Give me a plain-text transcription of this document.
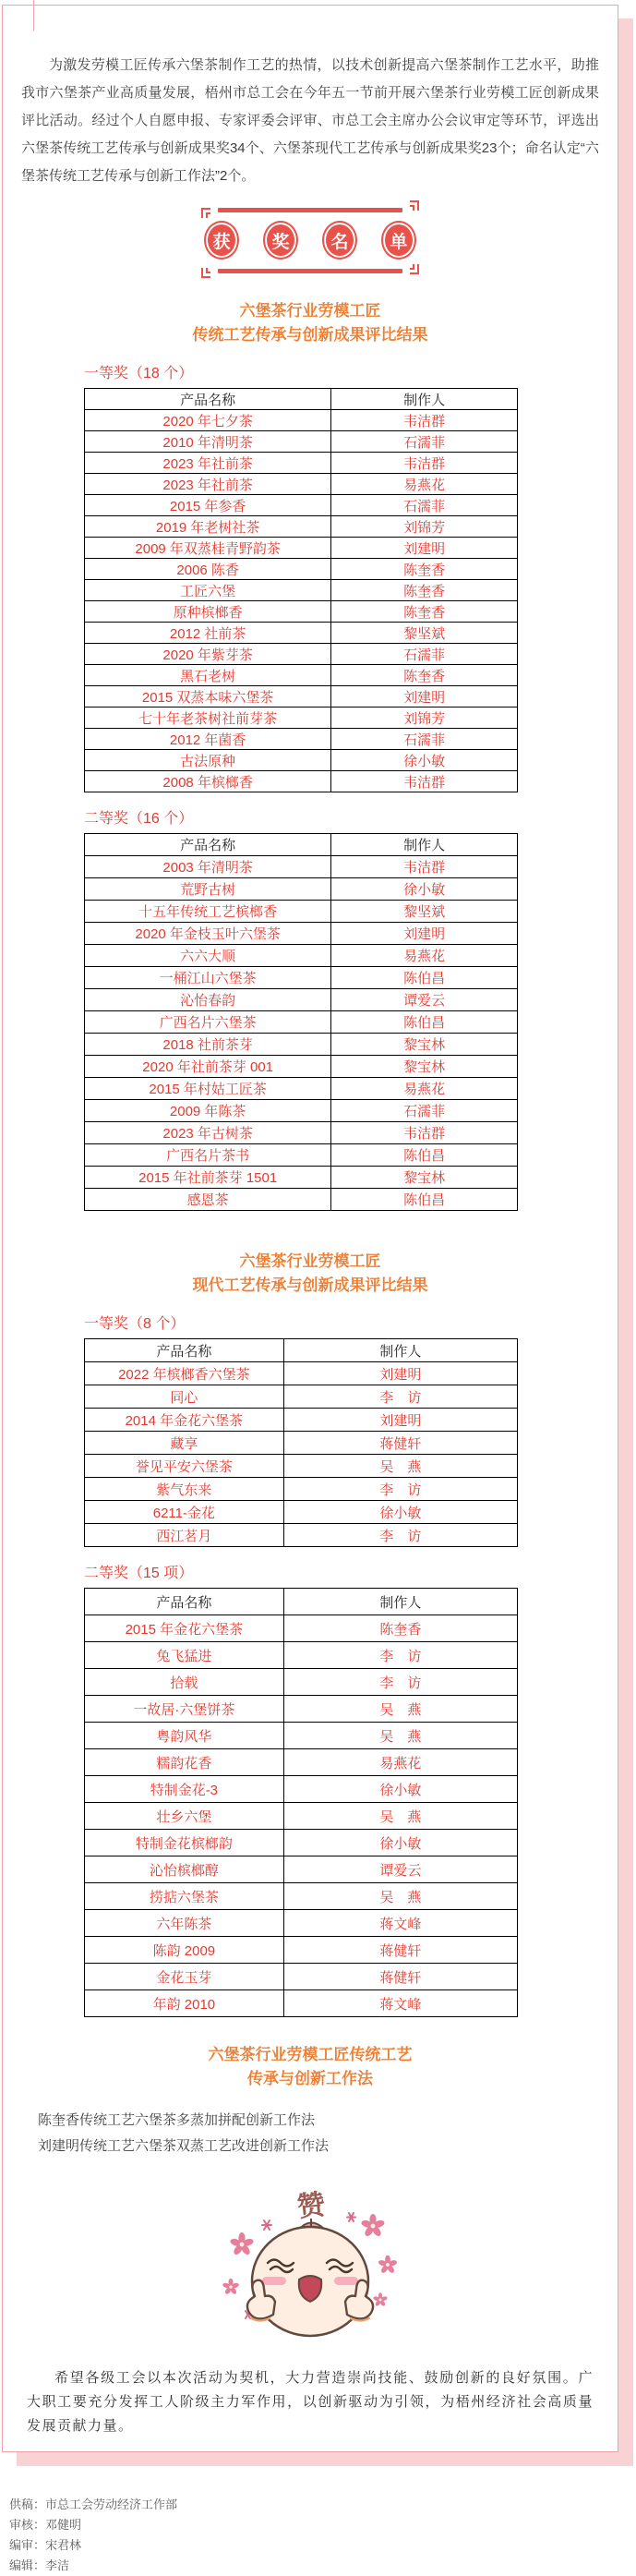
为激发劳模工匠传承六堡茶制作工艺的热情，以技术创新提高六堡茶制作工艺水平，助推我市六堡茶产业高质量发展，梧州市总工会在今年五一节前开展六堡茶行业劳模工匠创新成果评比活动。经过个人自愿申报、专家评委会评审、市总工会主席办公会议审定等环节，评选出六堡茶传统工艺传承与创新成果奖34个、六堡茶现代工艺传承与创新成果奖23个；命名认定“六堡茶传统工艺传承与创新工作法”2个。

获 奖 名 单
六堡茶行业劳模工匠
传统工艺传承与创新成果评比结果
一等奖（18 个）
产品名称	制作人
2020 年七夕茶	韦洁群
2010 年清明茶	石濡菲
2023 年社前茶	韦洁群
2023 年社前茶	易燕花
2015 年参香	石濡菲
2019 年老树社茶	刘锦芳
2009 年双蒸桂青野韵茶	刘建明
2006 陈香	陈奎香
工匠六堡	陈奎香
原种槟榔香	陈奎香
2012 社前茶	黎坚斌
2020 年紫芽茶	石濡菲
黑石老树	陈奎香
2015 双蒸本味六堡茶	刘建明
七十年老茶树社前芽茶	刘锦芳
2012 年菌香	石濡菲
古法原种	徐小敏
2008 年槟榔香	韦洁群
二等奖（16 个）
产品名称	制作人
2003 年清明茶	韦洁群
荒野古树	徐小敏
十五年传统工艺槟榔香	黎坚斌
2020 年金枝玉叶六堡茶	刘建明
六六大顺	易燕花
一桶江山六堡茶	陈伯昌
沁怡春韵	谭爱云
广西名片六堡茶	陈伯昌
2018 社前茶芽	黎宝林
2020 年社前茶芽 001	黎宝林
2015 年村姑工匠茶	易燕花
2009 年陈茶	石濡菲
2023 年古树茶	韦洁群
广西名片茶书	陈伯昌
2015 年社前茶芽 1501	黎宝林
感恩茶	陈伯昌
六堡茶行业劳模工匠
现代工艺传承与创新成果评比结果
一等奖（8 个）
产品名称	制作人
2022 年槟榔香六堡茶	刘建明
同心	李　访
2014 年金花六堡茶	刘建明
藏享	蒋健轩
誉见平安六堡茶	吴　燕
紫气东来	李　访
6211-金花	徐小敏
西江茗月	李　访
二等奖（15 项）
产品名称	制作人
2015 年金花六堡茶	陈奎香
兔飞猛进	李　访
拾载	李　访
一故居·六堡饼茶	吴　燕
粤韵风华	吴　燕
糯韵花香	易燕花
特制金花-3	徐小敏
壮乡六堡	吴　燕
特制金花槟榔韵	徐小敏
沁怡槟榔醇	谭爱云
捞掂六堡茶	吴　燕
六年陈茶	蒋文峰
陈韵 2009	蒋健轩
金花玉芽	蒋健轩
年韵 2010	蒋文峰
六堡茶行业劳模工匠传统工艺
传承与创新工作法
陈奎香传统工艺六堡茶多蒸加拼配创新工作法
刘建明传统工艺六堡茶双蒸工艺改进创新工作法
赞

希望各级工会以本次活动为契机，大力营造崇尚技能、鼓励创新的良好氛围。广大职工要充分发挥工人阶级主力军作用，以创新驱动为引领，为梧州经济社会高质量发展贡献力量。

供稿：市总工会劳动经济工作部
审核：邓健明
编审：宋君林
编辑：李洁
